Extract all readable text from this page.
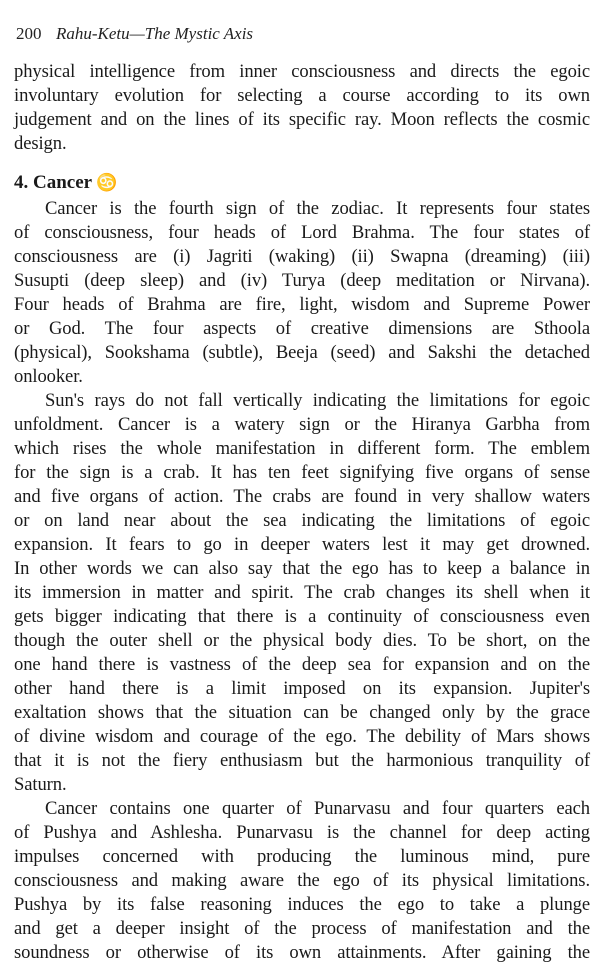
200 Rahu-Ketu—The Mystic Axis
physical intelligence from inner consciousness and directs the egoic
involuntary evolution for selecting a course according to its own
judgement and on the lines of its specific ray. Moon reflects the cosmic
design.
4. Cancer ♋
Cancer is the fourth sign of the zodiac. It represents four states
of consciousness, four heads of Lord Brahma. The four states of
consciousness are (i) Jagriti (waking) (ii) Swapna (dreaming) (iii)
Susupti (deep sleep) and (iv) Turya (deep meditation or Nirvana).
Four heads of Brahma are fire, light, wisdom and Supreme Power
or God. The four aspects of creative dimensions are Sthoola
(physical), Sookshama (subtle), Beeja (seed) and Sakshi the detached
onlooker.
Sun's rays do not fall vertically indicating the limitations for egoic
unfoldment. Cancer is a watery sign or the Hiranya Garbha from
which rises the whole manifestation in different form. The emblem
for the sign is a crab. It has ten feet signifying five organs of sense
and five organs of action. The crabs are found in very shallow waters
or on land near about the sea indicating the limitations of egoic
expansion. It fears to go in deeper waters lest it may get drowned.
In other words we can also say that the ego has to keep a balance in
its immersion in matter and spirit. The crab changes its shell when it
gets bigger indicating that there is a continuity of consciousness even
though the outer shell or the physical body dies. To be short, on the
one hand there is vastness of the deep sea for expansion and on the
other hand there is a limit imposed on its expansion. Jupiter's
exaltation shows that the situation can be changed only by the grace
of divine wisdom and courage of the ego. The debility of Mars shows
that it is not the fiery enthusiasm but the harmonious tranquility of
Saturn.
Cancer contains one quarter of Punarvasu and four quarters each
of Pushya and Ashlesha. Punarvasu is the channel for deep acting
impulses concerned with producing the luminous mind, pure
consciousness and making aware the ego of its physical limitations.
Pushya by its false reasoning induces the ego to take a plunge
and get a deeper insight of the process of manifestation and the
soundness or otherwise of its own attainments. After gaining the
